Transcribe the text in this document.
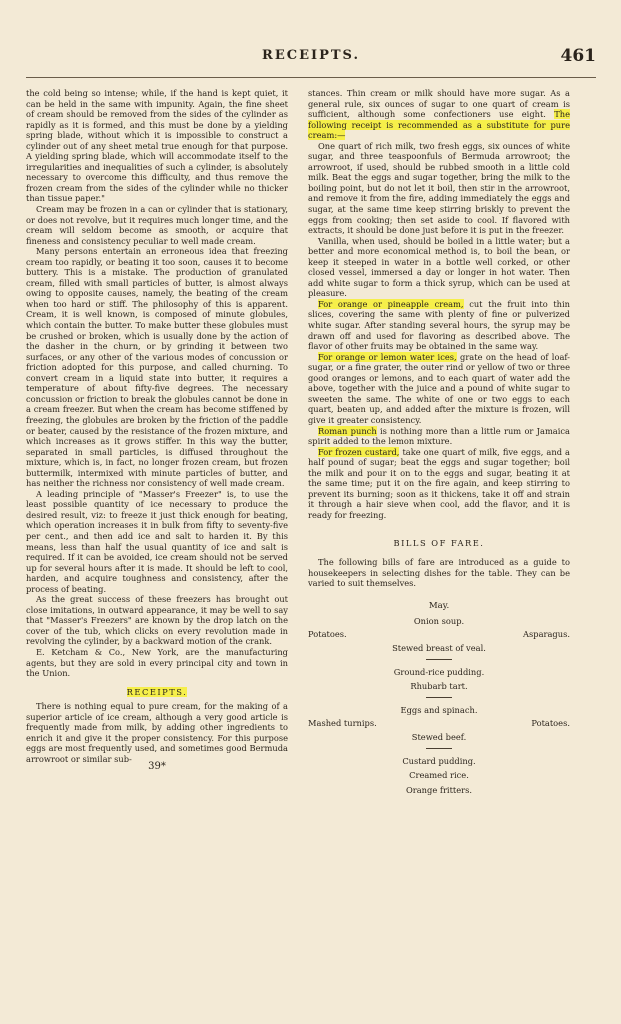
RECEIPTS.	461

the cold being so intense; while, if the hand is kept quiet, it can be held in the same with impunity. Again, the fine sheet of cream should be removed from the sides of the cylinder as rapidly as it is formed, and this must be done by a yielding spring blade, without which it is impossible to construct a cylinder out of any sheet metal true enough for that purpose. A yielding spring blade, which will accommodate itself to the irregularities and inequalities of such a cylinder, is absolutely necessary to overcome this difficulty, and thus remove the frozen cream from the sides of the cylinder while no thicker than tissue paper."

Cream may be frozen in a can or cylinder that is stationary, or does not revolve, but it requires much longer time, and the cream will seldom become as smooth, or acquire that fineness and consistency peculiar to well made cream.

Many persons entertain an erroneous idea that freezing cream too rapidly, or beating it too soon, causes it to become buttery. This is a mistake. The production of granulated cream, filled with small particles of butter, is almost always owing to opposite causes, namely, the beating of the cream when too hard or stiff. The philosophy of this is apparent. Cream, it is well known, is composed of minute globules, which contain the butter. To make butter these globules must be crushed or broken, which is usually done by the action of the dasher in the churn, or by grinding it between two surfaces, or any other of the various modes of concussion or friction adopted for this purpose, and called churning. To convert cream in a liquid state into butter, it requires a temperature of about fifty-five degrees. The necessary concussion or friction to break the globules cannot be done in a cream freezer. But when the cream has become stiffened by freezing, the globules are broken by the friction of the paddle or beater, caused by the resistance of the frozen mixture, and which increases as it grows stiffer. In this way the butter, separated in small particles, is diffused throughout the mixture, which is, in fact, no longer frozen cream, but frozen buttermilk, intermixed with minute particles of butter, and has neither the richness nor consistency of well made cream.

A leading principle of "Masser's Freezer" is, to use the least possible quantity of ice necessary to produce the desired result, viz: to freeze it just thick enough for beating, which operation increases it in bulk from fifty to seventy-five per cent., and then add ice and salt to harden it. By this means, less than half the usual quantity of ice and salt is required. If it can be avoided, ice cream should not be served up for several hours after it is made. It should be left to cool, harden, and acquire toughness and consistency, after the process of beating.

As the great success of these freezers has brought out close imitations, in outward appearance, it may be well to say that "Masser's Freezers" are known by the drop latch on the cover of the tub, which clicks on every revolution made in revolving the cylinder, by a backward motion of the crank.

E. Ketcham & Co., New York, are the manufacturing agents, but they are sold in every principal city and town in the Union.

RECEIPTS.

There is nothing equal to pure cream, for the making of a superior article of ice cream, although a very good article is frequently made from milk, by adding other ingredients to enrich it and give it the proper consistency. For this purpose eggs are most frequently used, and sometimes good Bermuda arrowroot or similar sub-

39*

stances. Thin cream or milk should have more sugar. As a general rule, six ounces of sugar to one quart of cream is sufficient, although some confectioners use eight. The following receipt is recommended as a substitute for pure cream:—

One quart of rich milk, two fresh eggs, six ounces of white sugar, and three teaspoonfuls of Bermuda arrowroot; the arrowroot, if used, should be rubbed smooth in a little cold milk. Beat the eggs and sugar together, bring the milk to the boiling point, but do not let it boil, then stir in the arrowroot, and remove it from the fire, adding immediately the eggs and sugar, at the same time keep stirring briskly to prevent the eggs from cooking; then set aside to cool. If flavored with extracts, it should be done just before it is put in the freezer.

Vanilla, when used, should be boiled in a little water; but a better and more economical method is, to boil the bean, or keep it steeped in water in a bottle well corked, or other closed vessel, immersed a day or longer in hot water. Then add white sugar to form a thick syrup, which can be used at pleasure.

For orange or pineapple cream, cut the fruit into thin slices, covering the same with plenty of fine or pulverized white sugar. After standing several hours, the syrup may be drawn off and used for flavoring as described above. The flavor of other fruits may be obtained in the same way.

For orange or lemon water ices, grate on the head of loaf-sugar, or a fine grater, the outer rind or yellow of two or three good oranges or lemons, and to each quart of water add the above, together with the juice and a pound of white sugar to sweeten the same. The white of one or two eggs to each quart, beaten up, and added after the mixture is frozen, will give it greater consistency.

Roman punch is nothing more than a little rum or Jamaica spirit added to the lemon mixture.

For frozen custard, take one quart of milk, five eggs, and a half pound of sugar; beat the eggs and sugar together; boil the milk and pour it on to the eggs and sugar, beating it at the same time; put it on the fire again, and keep stirring to prevent its burning; soon as it thickens, take it off and strain it through a hair sieve when cool, add the flavor, and it is ready for freezing.

BILLS OF FARE.

The following bills of fare are introduced as a guide to housekeepers in selecting dishes for the table. They can be varied to suit themselves.

May.
Onion soup.
Potatoes.	Asparagus.
Stewed breast of veal.
Ground-rice pudding.
Rhubarb tart.
Eggs and spinach.
Mashed turnips.	Potatoes.
Stewed beef.
Custard pudding.
Creamed rice.
Orange fritters.
